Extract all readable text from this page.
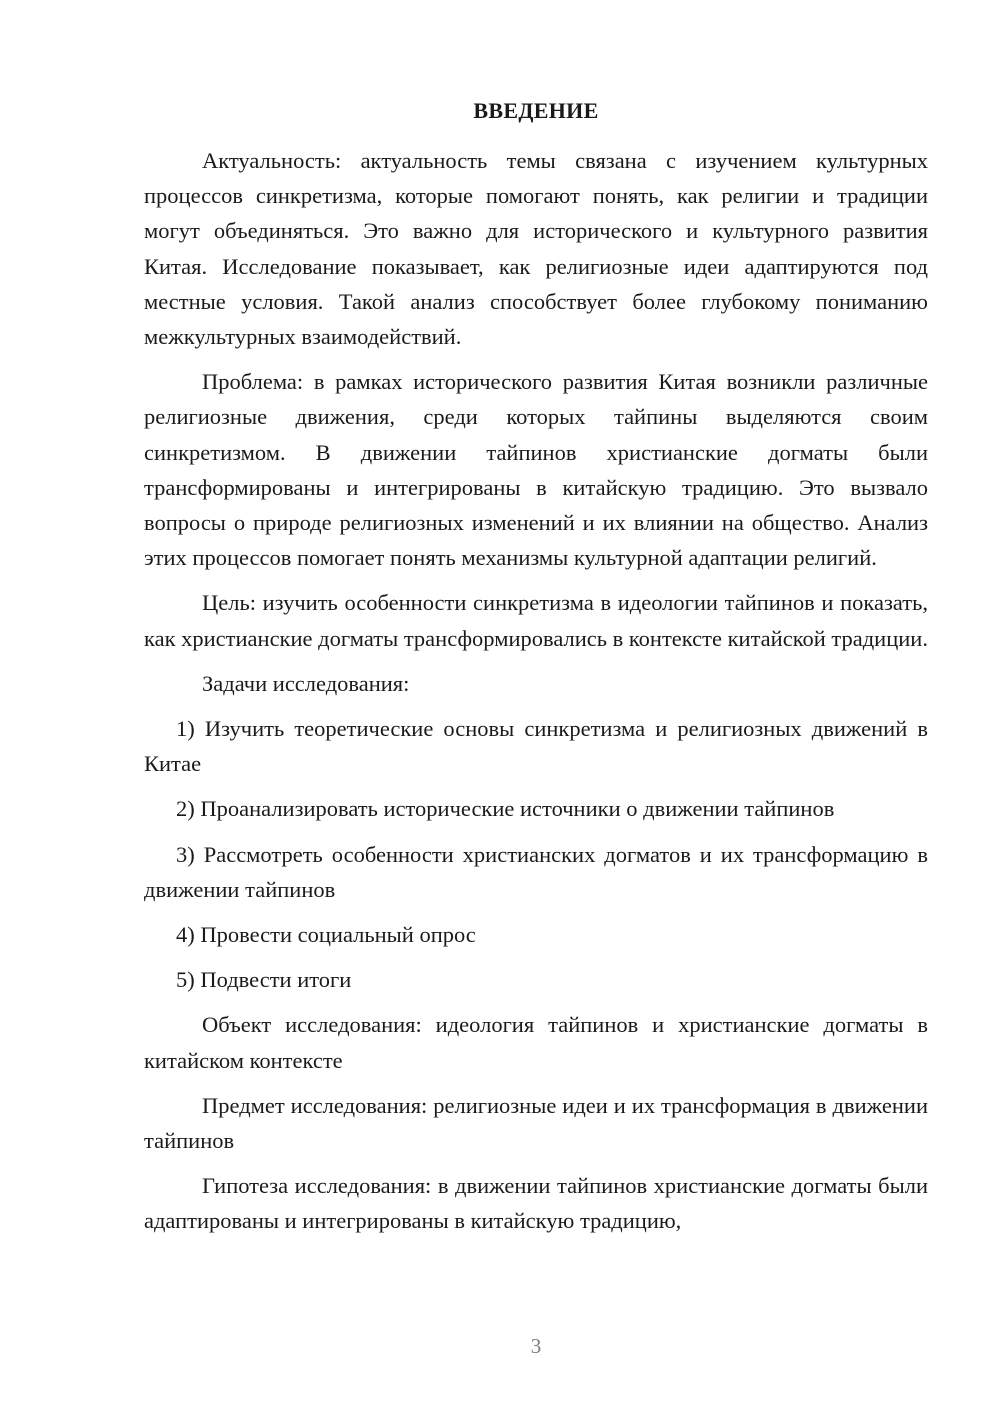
ВВЕДЕНИЕ

Актуальность: актуальность темы связана с изучением культурных процессов синкретизма, которые помогают понять, как религии и традиции могут объединяться. Это важно для исторического и культурного развития Китая. Исследование показывает, как религиозные идеи адаптируются под местные условия. Такой анализ способствует более глубокому пониманию межкультурных взаимодействий.

Проблема: в рамках исторического развития Китая возникли различные религиозные движения, среди которых тайпины выделяются своим синкретизмом. В движении тайпинов христианские догматы были трансформированы и интегрированы в китайскую традицию. Это вызвало вопросы о природе религиозных изменений и их влиянии на общество. Анализ этих процессов помогает понять механизмы культурной адаптации религий.

Цель: изучить особенности синкретизма в идеологии тайпинов и показать, как христианские догматы трансформировались в контексте китайской традиции.

Задачи исследования:

1) Изучить теоретические основы синкретизма и религиозных движений в Китае

2) Проанализировать исторические источники о движении тайпинов

3) Рассмотреть особенности христианских догматов и их трансформацию в движении тайпинов

4) Провести социальный опрос

5) Подвести итоги

Объект исследования: идеология тайпинов и христианские догматы в китайском контексте

Предмет исследования: религиозные идеи и их трансформация в движении тайпинов

Гипотеза исследования: в движении тайпинов христианские догматы были адаптированы и интегрированы в китайскую традицию,

3
